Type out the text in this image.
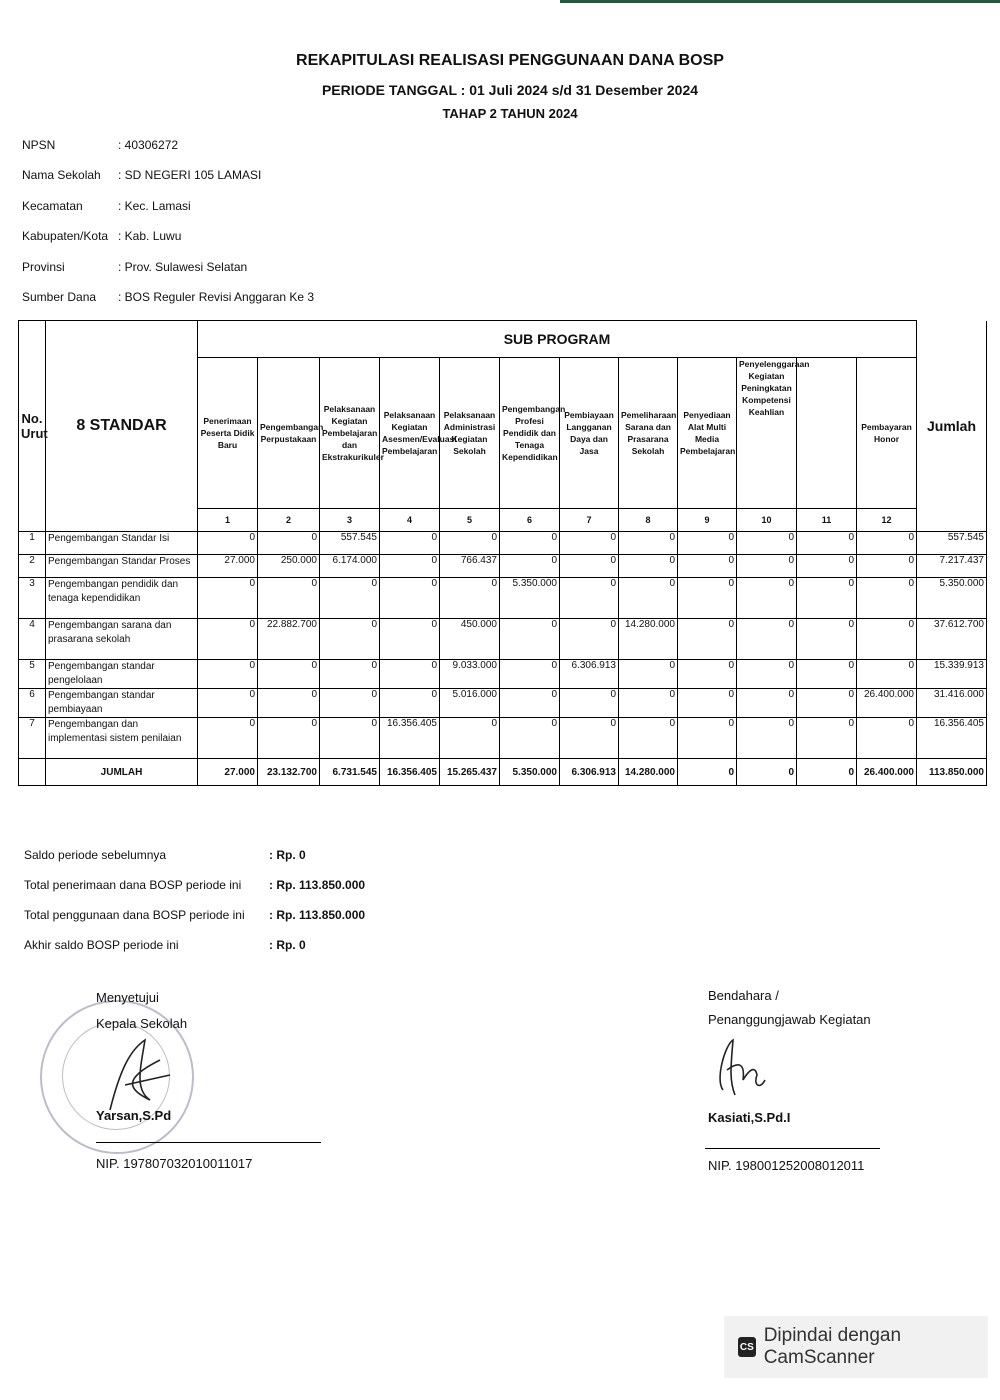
REKAPITULASI REALISASI PENGGUNAAN DANA BOSP
PERIODE TANGGAL : 01 Juli 2024 s/d 31 Desember 2024
TAHAP 2 TAHUN 2024
NPSN	: 40306272
Nama Sekolah	: SD NEGERI 105 LAMASI
Kecamatan	: Kec. Lamasi
Kabupaten/Kota : Kab. Luwu
Provinsi	: Prov. Sulawesi Selatan
Sumber Dana	: BOS Reguler Revisi Anggaran Ke 3
No. Urut	8 STANDAR	SUB PROGRAM												Jumlah
		Penerimaan Peserta Didik Baru	Pengembangan Perpustakaan	Pelaksanaan Kegiatan Pembelajaran dan Ekstrakurikuler	Pelaksanaan Kegiatan Asesmen/Evaluasi Pembelajaran	Pelaksanaan Administrasi Kegiatan Sekolah	Pengembangan Profesi Pendidik dan Tenaga Kependidikan	Pembiayaan Langganan Daya dan Jasa	Pemeliharaan Sarana dan Prasarana Sekolah	Penyediaan Alat Multi Media Pembelajaran	Penyelenggaraan Kegiatan Peningkatan Kompetensi Keahlian		Pembayaran Honor	
		1	2	3	4	5	6	7	8	9	10	11	12	
1	Pengembangan Standar Isi	0	0	557.545	0	0	0	0	0	0	0	0	0	557.545
2	Pengembangan Standar Proses	27.000	250.000	6.174.000	0	766.437	0	0	0	0	0	0	0	7.217.437
3	Pengembangan pendidik dan tenaga kependidikan	0	0	0	0	0	5.350.000	0	0	0	0	0	0	5.350.000
4	Pengembangan sarana dan prasarana sekolah	0	22.882.700	0	0	450.000	0	0	14.280.000	0	0	0	0	37.612.700
5	Pengembangan standar pengelolaan	0	0	0	0	9.033.000	0	6.306.913	0	0	0	0	0	15.339.913
6	Pengembangan standar pembiayaan	0	0	0	0	5.016.000	0	0	0	0	0	0	26.400.000	31.416.000
7	Pengembangan dan implementasi sistem penilaian	0	0	0	16.356.405	0	0	0	0	0	0	0	0	16.356.405
	JUMLAH	27.000	23.132.700	6.731.545	16.356.405	15.265.437	5.350.000	6.306.913	14.280.000	0	0	0	26.400.000	113.850.000
Saldo periode sebelumnya	: Rp. 0
Total penerimaan dana BOSP periode ini : Rp. 113.850.000
Total penggunaan dana BOSP periode ini : Rp. 113.850.000
Akhir saldo BOSP periode ini	: Rp. 0
Menyetujui
Kepala Sekolah
Yarsan,S.Pd
NIP. 197807032010011017
Bendahara /
Penanggungjawab Kegiatan
Kasiati,S.Pd.I
NIP. 198001252008012011
CS
Dipindai dengan CamScanner
